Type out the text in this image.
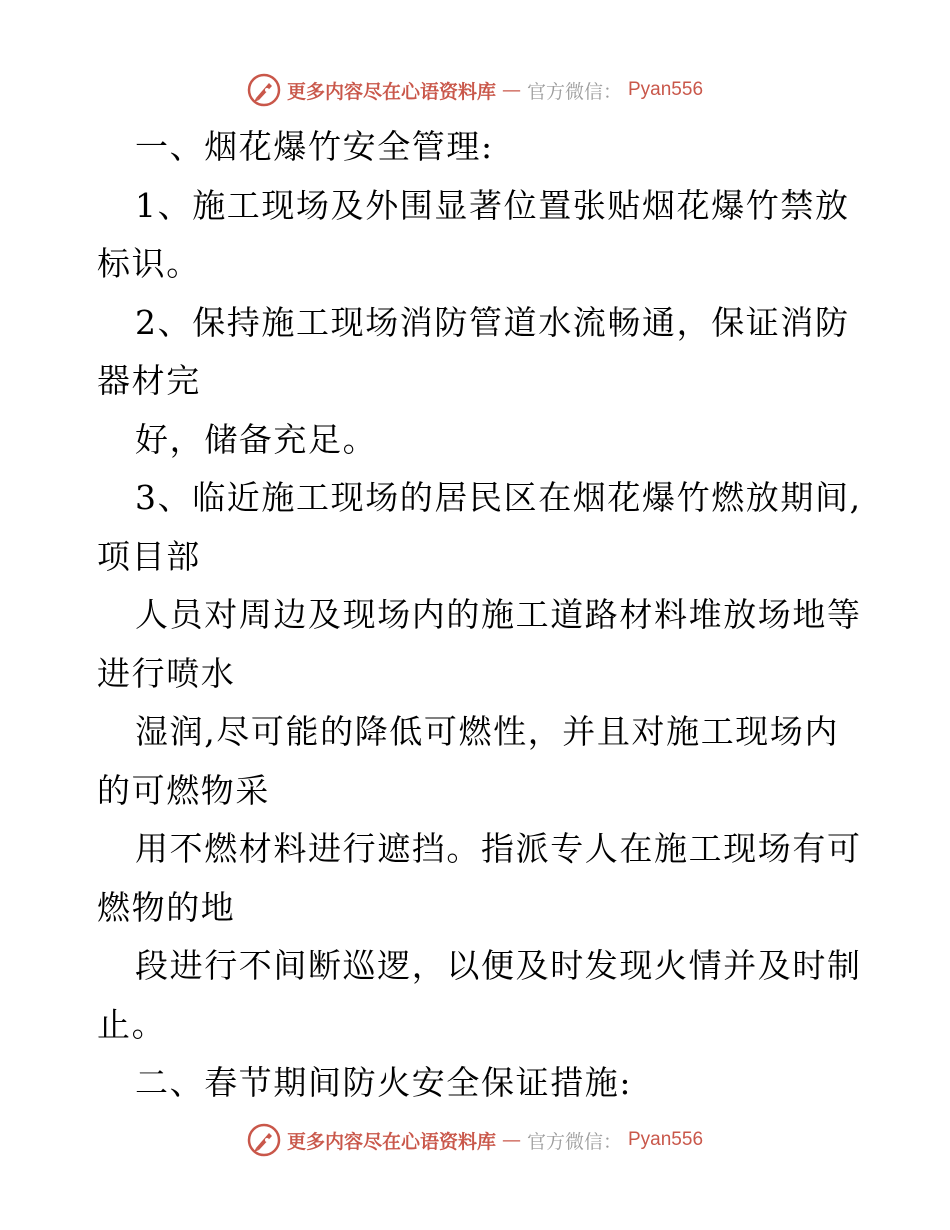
更多内容尽在心语资料库 — 官方微信： Pyan556
一、烟花爆竹安全管理:
1、施工现场及外围显著位置张贴烟花爆竹禁放
标识。
2、保持施工现场消防管道水流畅通，保证消防
器材完
好，储备充足。
3、临近施工现场的居民区在烟花爆竹燃放期间,
项目部
人员对周边及现场内的施工道路材料堆放场地等
进行喷水
湿润,尽可能的降低可燃性，并且对施工现场内
的可燃物采
用不燃材料进行遮挡。指派专人在施工现场有可
燃物的地
段进行不间断巡逻，以便及时发现火情并及时制
止。
二、春节期间防火安全保证措施:
更多内容尽在心语资料库 — 官方微信： Pyan556
